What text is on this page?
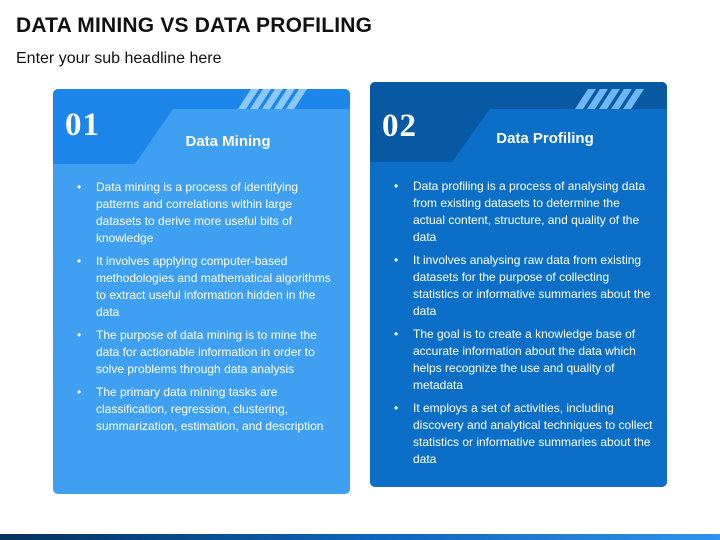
DATA MINING VS DATA PROFILING
Enter your sub headline here
01	Data Mining
•	Data mining is a process of identifying patterns and correlations within large datasets to derive more useful bits of knowledge
•	It involves applying computer-based methodologies and mathematical algorithms to extract useful information hidden in the data
•	The purpose of data mining is to mine the data for actionable information in order to solve problems through data analysis
•	The primary data mining tasks are classification, regression, clustering, summarization, estimation, and description
02	Data Profiling
•	Data profiling is a process of analysing data from existing datasets to determine the actual content, structure, and quality of the data
•	It involves analysing raw data from existing datasets for the purpose of collecting statistics or informative summaries about the data
•	The goal is to create a knowledge base of accurate information about the data which helps recognize the use and quality of metadata
•	It employs a set of activities, including discovery and analytical techniques to collect statistics or informative summaries about the data
